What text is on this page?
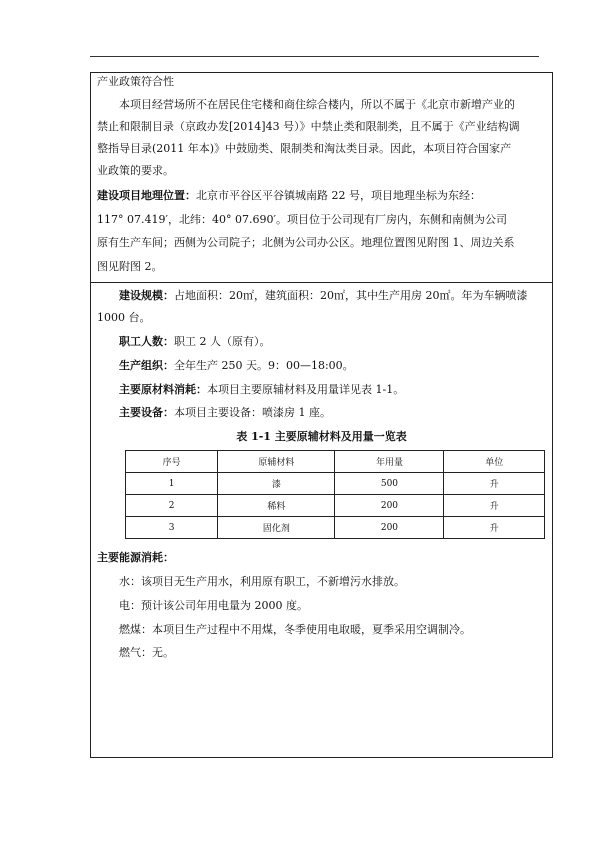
产业政策符合性

本项目经营场所不在居民住宅楼和商住综合楼内，所以不属于《北京市新增产业的

禁止和限制目录（京政办发[2014]43 号）》中禁止类和限制类，且不属于《产业结构调

整指导目录(2011 年本)》中鼓励类、限制类和淘汰类目录。因此，本项目符合国家产

业政策的要求。

建设项目地理位置：北京市平谷区平谷镇城南路 22 号，项目地理坐标为东经：

117° 07.419′，北纬：40° 07.690′。项目位于公司现有厂房内，东侧和南侧为公司

原有生产车间；西侧为公司院子；北侧为公司办公区。地理位置图见附图 1、周边关系

图见附图 2。

建设规模：占地面积：20㎡，建筑面积：20㎡，其中生产用房 20㎡。年为车辆喷漆

1000 台。

职工人数：职工 2 人（原有）。

生产组织：全年生产 250 天。9：00—18:00。

主要原材料消耗：本项目主要原辅材料及用量详见表 1-1。

主要设备：本项目主要设备：喷漆房 1 座。

表 1-1 主要原辅材料及用量一览表

主要能源消耗：

水：该项目无生产用水，利用原有职工，不新增污水排放。

电：预计该公司年用电量为 2000 度。

燃煤：本项目生产过程中不用煤，冬季使用电取暖，夏季采用空调制冷。

燃气：无。

序号	原辅材料	年用量	单位
1	漆	500	升
2	稀料	200	升
3	固化剂	200	升
